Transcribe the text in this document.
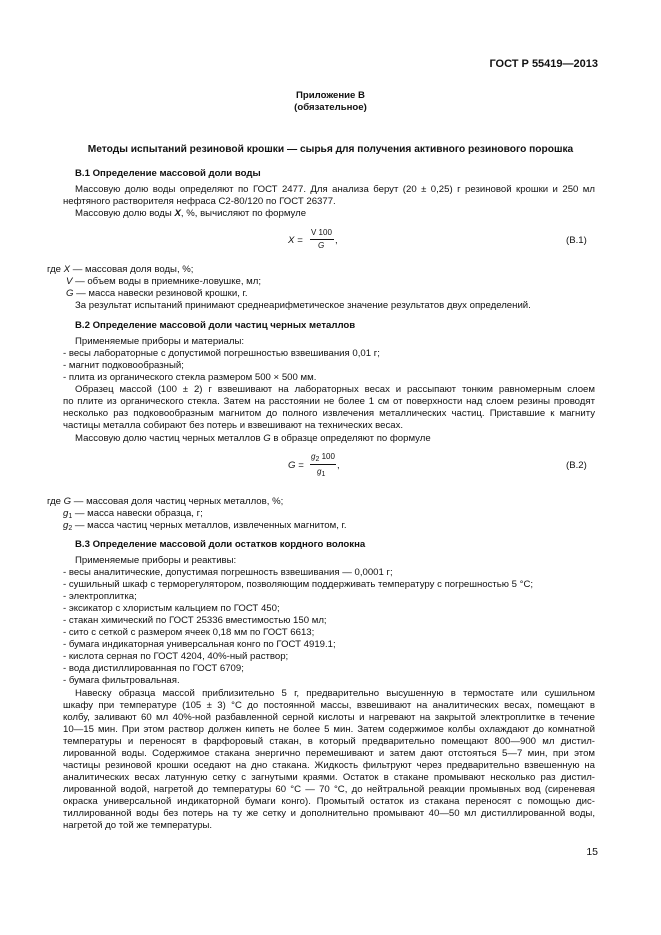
ГОСТ Р 55419—2013
Приложение В
(обязательное)
Методы испытаний резиновой крошки — сырья для получения активного резинового порошка
В.1 Определение массовой доли воды
Массовую долю воды определяют по ГОСТ 2477. Для анализа берут (20 ± 0,25) г резиновой крошки и 250 мл
нефтяного растворителя нефраса С2-80/120 по ГОСТ 26377.
Массовую долю воды X, %, вычисляют по формуле
X =
V 100
G ,	(В.1)
где X — массовая доля воды, %;
V — объем воды в приемнике-ловушке, мл;
G — масса навески резиновой крошки, г.
За результат испытаний принимают среднеарифметическое значение результатов двух определений.
В.2 Определение массовой доли частиц черных металлов
Применяемые приборы и материалы:
- весы лабораторные с допустимой погрешностью взвешивания 0,01 г;
- магнит подковообразный;
- плита из органического стекла размером 500 × 500 мм.
Образец массой (100 ± 2) г взвешивают на лабораторных весах и рассыпают тонким равномерным слоем
по плите из органического стекла. Затем на расстоянии не более 1 см от поверхности над слоем резины проводят
несколько раз подковообразным магнитом до полного извлечения металлических частиц. Приставшие к магниту
частицы металла собирают без потерь и взвешивают на технических весах.
Массовую долю частиц черных металлов G в образце определяют по формуле
G =
$g_2$ 100
$g_1$
,	(В.2)
где G — массовая доля частиц черных металлов, %;
$g_1$ — масса навески образца, г;
$g_2$ — масса частиц черных металлов, извлеченных магнитом, г.
В.3 Определение массовой доли остатков кордного волокна
Применяемые приборы и реактивы:
- весы аналитические, допустимая погрешность взвешивания — 0,0001 г;
- сушильный шкаф с терморегулятором, позволяющим поддерживать температуру с погрешностью 5 °С;
- электроплитка;
- эксикатор с хлористым кальцием по ГОСТ 450;
- стакан химический по ГОСТ 25336 вместимостью 150 мл;
- сито с сеткой с размером ячеек 0,18 мм по ГОСТ 6613;
- бумага индикаторная универсальная конго по ГОСТ 4919.1;
- кислота серная по ГОСТ 4204, 40%-ный раствор;
- вода дистиллированная по ГОСТ 6709;
- бумага фильтровальная.
Навеску образца массой приблизительно 5 г, предварительно высушенную в термостате или сушильном
шкафу при температуре (105 ± 3) °С до постоянной массы, взвешивают на аналитических весах, помещают в
колбу, заливают 60 мл 40%-ной разбавленной серной кислоты и нагревают на закрытой электроплитке в течение
10—15 мин. При этом раствор должен кипеть не более 5 мин. Затем содержимое колбы охлаждают до комнатной
температуры и переносят в фарфоровый стакан, в который предварительно помещают 800—900 мл дистил-
лированной воды. Содержимое стакана энергично перемешивают и затем дают отстояться 5—7 мин, при этом
частицы резиновой крошки оседают на дно стакана. Жидкость фильтруют через предварительно взвешенную на
аналитических весах латунную сетку с загнутыми краями. Остаток в стакане промывают несколько раз дистил-
лированной водой, нагретой до температуры 60 °С — 70 °С, до нейтральной реакции промывных вод (сиреневая
окраска универсальной индикаторной бумаги конго). Промытый остаток из стакана переносят с помощью дис-
тиллированной воды без потерь на ту же сетку и дополнительно промывают 40—50 мл дистиллированной воды,
нагретой до той же температуры.
15
